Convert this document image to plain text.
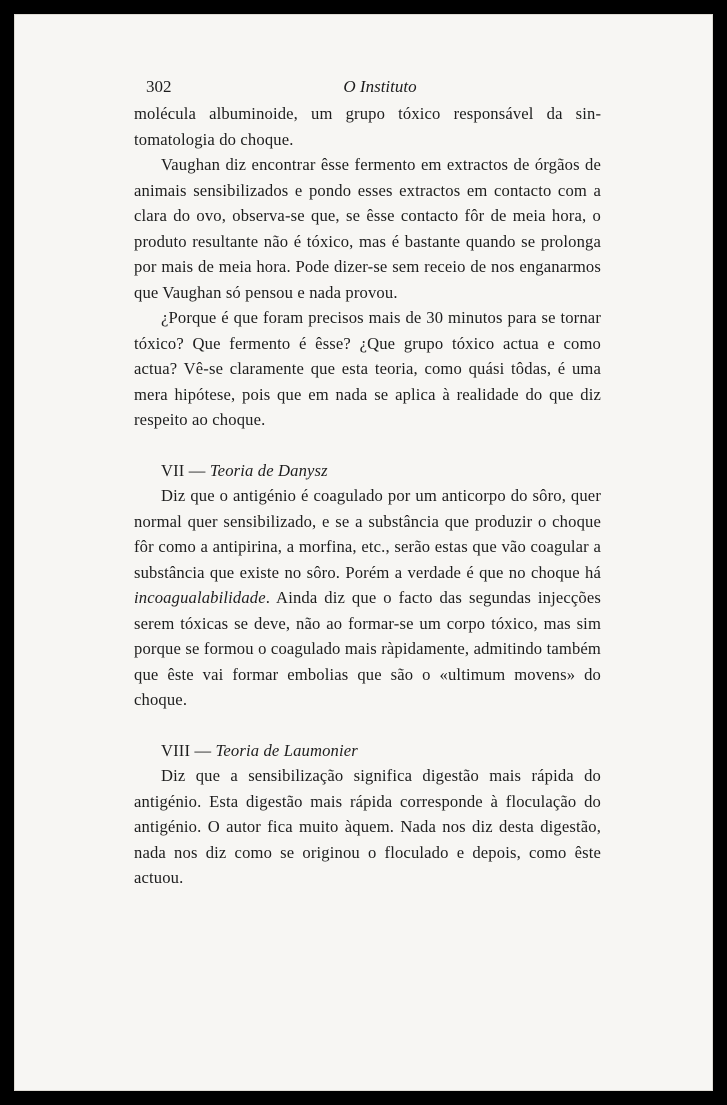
302	O Instituto

molécula albuminoide, um grupo tóxico responsável da sintomatologia do choque.

Vaughan diz encontrar êsse fermento em extractos de órgãos de animais sensibilizados e pondo esses extractos em contacto com a clara do ovo, observa-se que, se êsse contacto fôr de meia hora, o produto resultante não é tóxico, mas é bastante quando se prolonga por mais de meia hora. Pode dizer-se sem receio de nos enganarmos que Vaughan só pensou e nada provou.

¿Porque é que foram precisos mais de 30 minutos para se tornar tóxico? Que fermento é êsse? ¿Que grupo tóxico actua e como actua? Vê-se claramente que esta teoria, como quási tôdas, é uma mera hipótese, pois que em nada se aplica à realidade do que diz respeito ao choque.

VII — Teoria de Danysz

Diz que o antigénio é coagulado por um anticorpo do sôro, quer normal quer sensibilizado, e se a substância que produzir o choque fôr como a antipirina, a morfina, etc., serão estas que vão coagular a substância que existe no sôro. Porém a verdade é que no choque há incoagualabilidade. Ainda diz que o facto das segundas injecções serem tóxicas se deve, não ao formar-se um corpo tóxico, mas sim porque se formou o coagulado mais ràpidamente, admitindo também que êste vai formar embolias que são o «ultimum movens» do choque.

VIII — Teoria de Laumonier

Diz que a sensibilização significa digestão mais rápida do antigénio. Esta digestão mais rápida corresponde à floculação do antigénio. O autor fica muito àquem. Nada nos diz desta digestão, nada nos diz como se originou o floculado e depois, como êste actuou.
